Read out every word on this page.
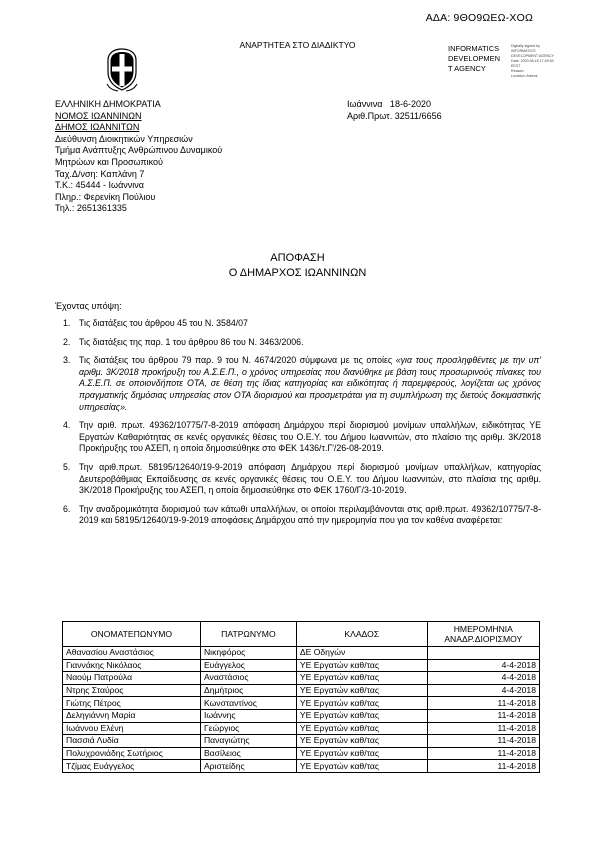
ΑΔΑ: 9ΘΟ9ΩΕΩ-ΧΟΩ
ΑΝΑΡΤΗΤΕΑ ΣΤΟ ΔΙΑΔΙΚΤΥΟ	INFORMATICS
DEVELOPMEN
T AGENCY
Digitally signed by
INFORMATICS
DEVELOPMENT AGENCY
Date: 2020.06.18 17:49:53
EEST
Reason:
Location: Athens
ΕΛΛΗΝΙΚΗ ΔΗΜΟΚΡΑΤΙΑ
ΝΟΜΟΣ ΙΩΑΝΝΙΝΩΝ
ΔΗΜΟΣ ΙΩΑΝΝΙΤΩΝ
Διεύθυνση Διοικητικών Υπηρεσιών
Τμήμα Ανάπτυξης Ανθρώπινου Δυναμικού
Μητρώων και Προσωπικού
Ταχ.Δ/νση: Καπλάνη 7
Τ.Κ.: 45444 - Ιωάννινα
Πληρ.: Φερενίκη Πούλιου
Τηλ.: 2651361335
Ιωάννινα   18-6-2020
Αριθ.Πρωτ. 32511/6656
ΑΠΟΦΑΣΗ
Ο ΔΗΜΑΡΧΟΣ ΙΩΑΝΝΙΝΩΝ
Έχοντας υπόψη:
1. Τις διατάξεις του άρθρου 45 του Ν. 3584/07
2. Τις διατάξεις της παρ. 1 του άρθρου 86 του Ν. 3463/2006.
3. Τις διατάξεις του άρθρου 79 παρ. 9 του Ν. 4674/2020 σύμφωνα με τις οποίες «για τους προσληφθέντες με την υπ' αριθμ. 3Κ/2018 προκήρυξη του Α.Σ.Ε.Π., ο χρόνος υπηρεσίας που διανύθηκε με βάση τους προσωρινούς πίνακες του Α.Σ.Ε.Π. σε οποιονδήποτε ΟΤΑ, σε θέση της ίδιας κατηγορίας και ειδικότητας ή παρεμφερούς, λογίζεται ως χρόνος πραγματικής δημόσιας υπηρεσίας στον ΟΤΑ διορισμού και προσμετράται για τη συμπλήρωση της διετούς δοκιμαστικής υπηρεσίας».
4. Την αριθ. πρωτ. 49362/10775/7-8-2019 απόφαση Δημάρχου περί διορισμού μονίμων υπαλλήλων, ειδικότητας ΥΕ Εργατών Καθαριότητας σε κενές οργανικές θέσεις του Ο.Ε.Υ. του Δήμου Ιωαννιτών, στο πλαίσιο της αριθμ. 3Κ/2018 Προκήρυξης του ΑΣΕΠ, η οποία δημοσιεύθηκε στο ΦΕΚ 1436/τ.Γ'/26-08-2019.
5. Την αριθ.πρωτ. 58195/12640/19-9-2019 απόφαση Δημάρχου περί διορισμού μονίμων υπαλλήλων, κατηγορίας Δευτεροβάθμιας Εκπαίδευσης σε κενές οργανικές θέσεις του Ο.Ε.Υ. του Δήμου Ιωαννιτών, στο πλαίσια της αριθμ. 3Κ/2018 Προκήρυξης του ΑΣΕΠ, η οποία δημοσιεύθηκε στο ΦΕΚ 1760/Γ/3-10-2019.
6. Την αναδρομικότητα διορισμού των κάτωθι υπαλλήλων, οι οποίοι περιλαμβάνονται στις αριθ.πρωτ. 49362/10775/7-8-2019 και 58195/12640/19-9-2019 αποφάσεις Δημάρχου από την ημερομηνία που για τον καθένα αναφέρεται:
ΟΝΟΜΑΤΕΠΩΝΥΜΟ	ΠΑΤΡΩΝΥΜΟ	ΚΛΑΔΟΣ	ΗΜΕΡΟΜΗΝΙΑ ΑΝΑΔΡ.ΔΙΟΡΙΣΜΟΥ
Αθανασίου Αναστάσιος	Νικηφόρος	ΔΕ Οδηγών	
Γιαννάκης Νικόλαος	Ευάγγελος	ΥΕ Εργατών καθ/τας	4-4-2018
Ναούμ Πατρούλα	Αναστάσιος	ΥΕ Εργατών καθ/τας	4-4-2018
Ντρης Σταύρος	Δημήτριος	ΥΕ Εργατών καθ/τας	4-4-2018
Γιώτης Πέτρος	Κωνσταντίνος	ΥΕ Εργατών καθ/τας	11-4-2018
Δεληγιάννη Μαρία	Ιωάννης	ΥΕ Εργατών καθ/τας	11-4-2018
Ιωάννου Ελένη	Γεώργιος	ΥΕ Εργατών καθ/τας	11-4-2018
Πασσιά Λυδία	Παναγιώτης	ΥΕ Εργατών καθ/τας	11-4-2018
Πολυχρονιάδης Σωτήριος	Βασίλειος	ΥΕ Εργατών καθ/τας	11-4-2018
Τζίμας Ευάγγελος	Αριστείδης	ΥΕ Εργατών καθ/τας	11-4-2018
